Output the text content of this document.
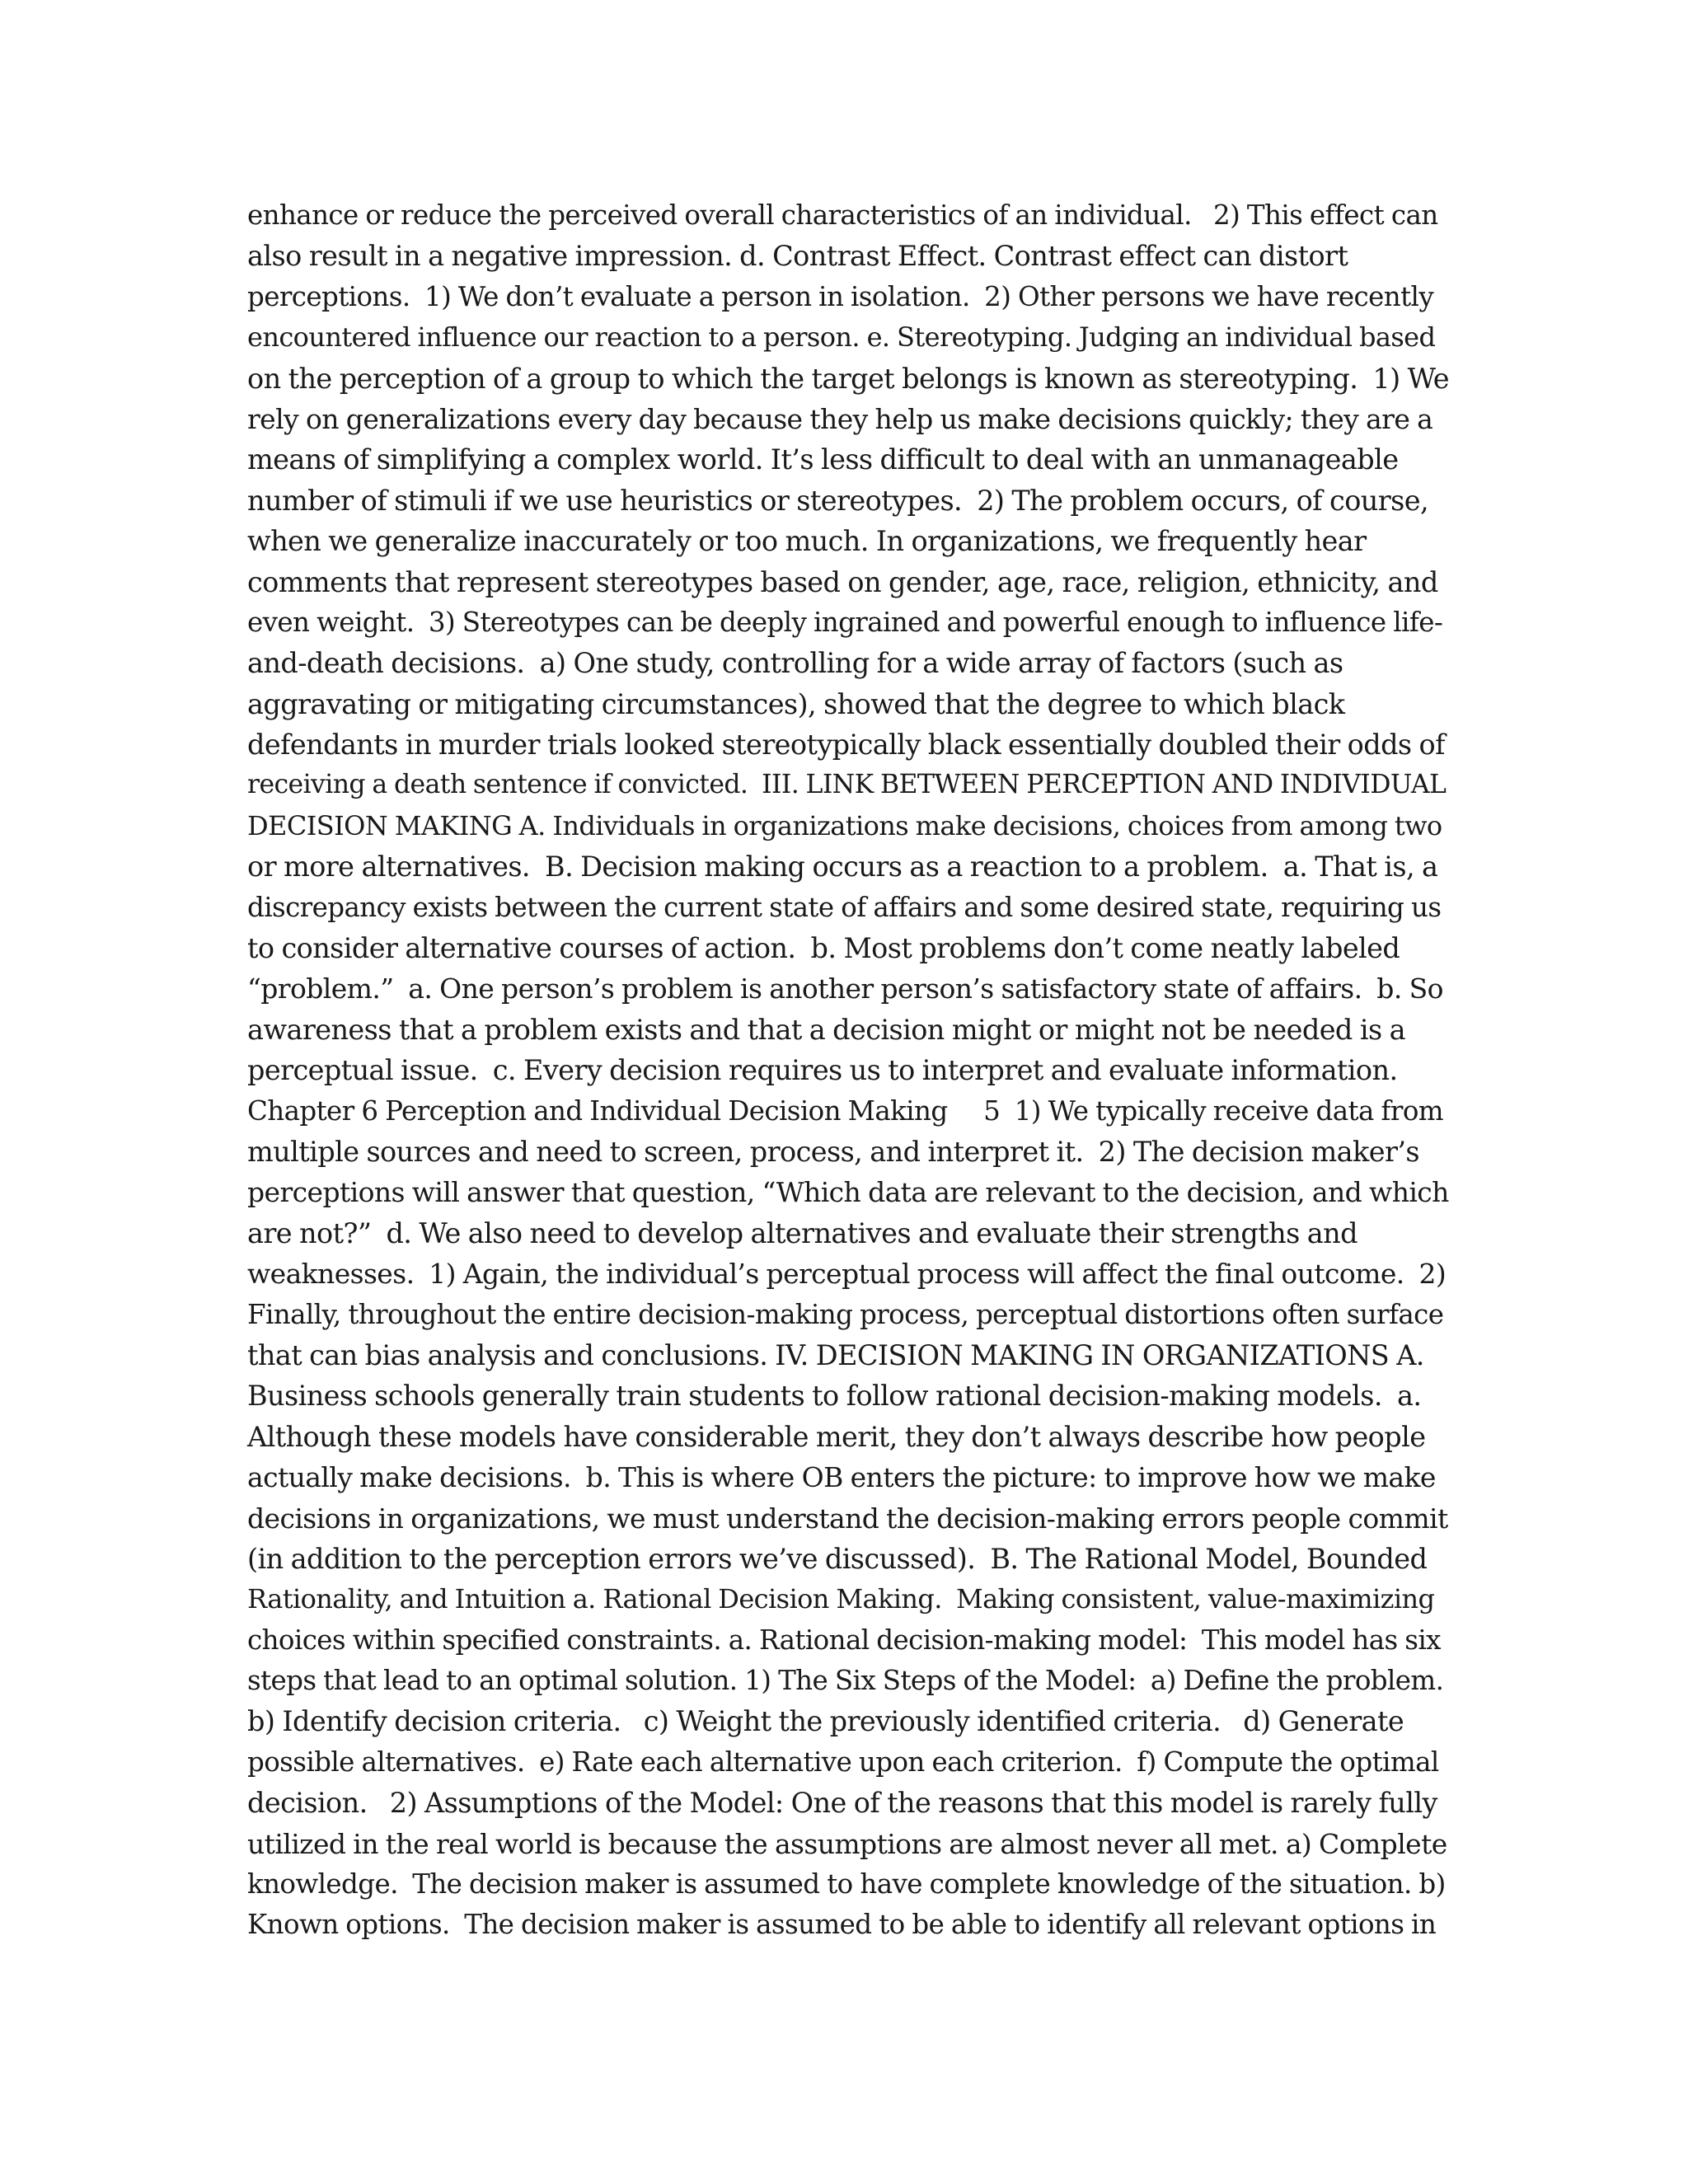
enhance or reduce the perceived overall characteristics of an individual.   2) This effect can
also result in a negative impression. d. Contrast Effect. Contrast effect can distort
perceptions.  1) We don’t evaluate a person in isolation.  2) Other persons we have recently
encountered influence our reaction to a person. e. Stereotyping. Judging an individual based
on the perception of a group to which the target belongs is known as stereotyping.  1) We
rely on generalizations every day because they help us make decisions quickly; they are a
means of simplifying a complex world. It’s less difficult to deal with an unmanageable
number of stimuli if we use heuristics or stereotypes.  2) The problem occurs, of course,
when we generalize inaccurately or too much. In organizations, we frequently hear
comments that represent stereotypes based on gender, age, race, religion, ethnicity, and
even weight.  3) Stereotypes can be deeply ingrained and powerful enough to influence life-
and-death decisions.  a) One study, controlling for a wide array of factors (such as
aggravating or mitigating circumstances), showed that the degree to which black
defendants in murder trials looked stereotypically black essentially doubled their odds of
receiving a death sentence if convicted.  III. LINK BETWEEN PERCEPTION AND INDIVIDUAL
DECISION MAKING A. Individuals in organizations make decisions, choices from among two
or more alternatives.  B. Decision making occurs as a reaction to a problem.  a. That is, a
discrepancy exists between the current state of affairs and some desired state, requiring us
to consider alternative courses of action.  b. Most problems don’t come neatly labeled
“problem.”  a. One person’s problem is another person’s satisfactory state of affairs.  b. So
awareness that a problem exists and that a decision might or might not be needed is a
perceptual issue.  c. Every decision requires us to interpret and evaluate information.
Chapter 6 Perception and Individual Decision Making     5  1) We typically receive data from
multiple sources and need to screen, process, and interpret it.  2) The decision maker’s
perceptions will answer that question, “Which data are relevant to the decision, and which
are not?”  d. We also need to develop alternatives and evaluate their strengths and
weaknesses.  1) Again, the individual’s perceptual process will affect the final outcome.  2)
Finally, throughout the entire decision-making process, perceptual distortions often surface
that can bias analysis and conclusions. IV. DECISION MAKING IN ORGANIZATIONS A.
Business schools generally train students to follow rational decision-making models.  a.
Although these models have considerable merit, they don’t always describe how people
actually make decisions.  b. This is where OB enters the picture: to improve how we make
decisions in organizations, we must understand the decision-making errors people commit
(in addition to the perception errors we’ve discussed).  B. The Rational Model, Bounded
Rationality, and Intuition a. Rational Decision Making.  Making consistent, value-maximizing
choices within specified constraints. a. Rational decision-making model:  This model has six
steps that lead to an optimal solution. 1) The Six Steps of the Model:  a) Define the problem.
b) Identify decision criteria.   c) Weight the previously identified criteria.   d) Generate
possible alternatives.  e) Rate each alternative upon each criterion.  f) Compute the optimal
decision.   2) Assumptions of the Model: One of the reasons that this model is rarely fully
utilized in the real world is because the assumptions are almost never all met. a) Complete
knowledge.  The decision maker is assumed to have complete knowledge of the situation. b)
Known options.  The decision maker is assumed to be able to identify all relevant options in
